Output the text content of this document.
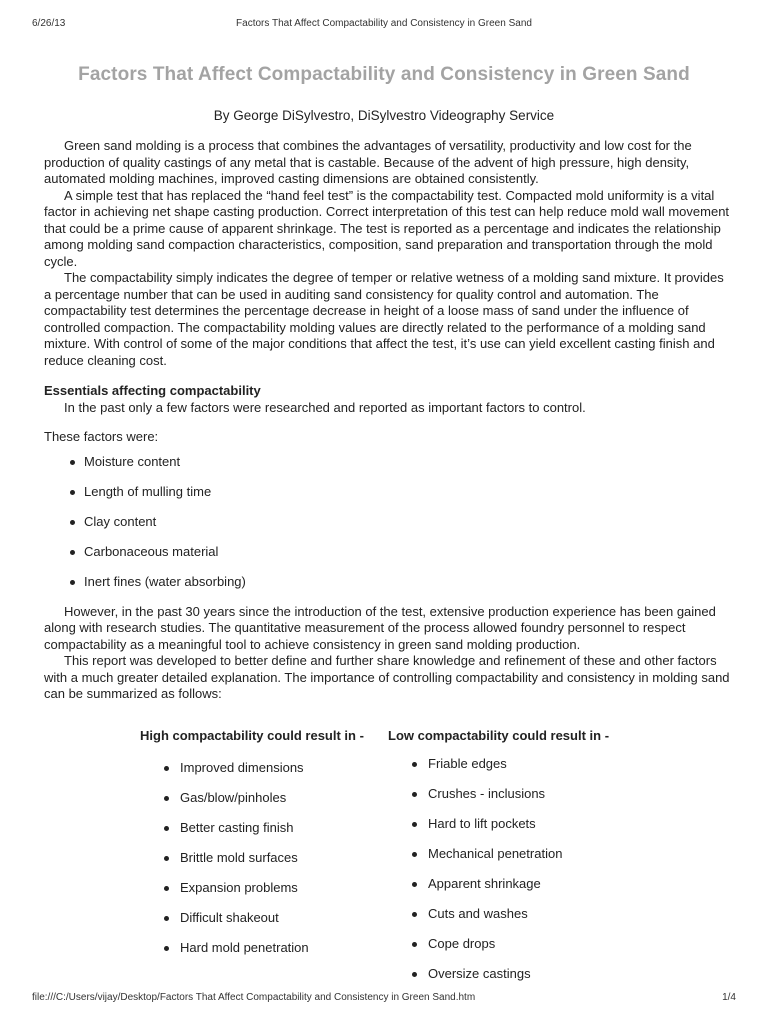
6/26/13	Factors That Affect Compactability and Consistency in Green Sand
Factors That Affect Compactability and Consistency in Green Sand

By George DiSylvestro, DiSylvestro Videography Service

Green sand molding is a process that combines the advantages of versatility, productivity and low cost for the production of quality castings of any metal that is castable. Because of the advent of high pressure, high density, automated molding machines, improved casting dimensions are obtained consistently.

A simple test that has replaced the “hand feel test” is the compactability test. Compacted mold uniformity is a vital factor in achieving net shape casting production. Correct interpretation of this test can help reduce mold wall movement that could be a prime cause of apparent shrinkage. The test is reported as a percentage and indicates the relationship among molding sand compaction characteristics, composition, sand preparation and transportation through the mold cycle.

The compactability simply indicates the degree of temper or relative wetness of a molding sand mixture. It provides a percentage number that can be used in auditing sand consistency for quality control and automation. The compactability test determines the percentage decrease in height of a loose mass of sand under the influence of controlled compaction. The compactability molding values are directly related to the performance of a molding sand mixture. With control of some of the major conditions that affect the test, it’s use can yield excellent casting finish and reduce cleaning cost.

Essentials affecting compactability

In the past only a few factors were researched and reported as important factors to control.

These factors were:

Moisture content
Length of mulling time
Clay content
Carbonaceous material
Inert fines (water absorbing)

However, in the past 30 years since the introduction of the test, extensive production experience has been gained along with research studies. The quantitative measurement of the process allowed foundry personnel to respect compactability as a meaningful tool to achieve consistency in green sand molding production.

This report was developed to better define and further share knowledge and refinement of these and other factors with a much greater detailed explanation. The importance of controlling compactability and consistency in molding sand can be summarized as follows:

High compactability could result in -
Improved dimensions
Gas/blow/pinholes
Better casting finish
Brittle mold surfaces
Expansion problems
Difficult shakeout
Hard mold penetration
Low compactability could result in -
Friable edges
Crushes - inclusions
Hard to lift pockets
Mechanical penetration
Apparent shrinkage
Cuts and washes
Cope drops
Oversize castings
file:///C:/Users/vijay/Desktop/Factors That Affect Compactability and Consistency in Green Sand.htm	1/4
